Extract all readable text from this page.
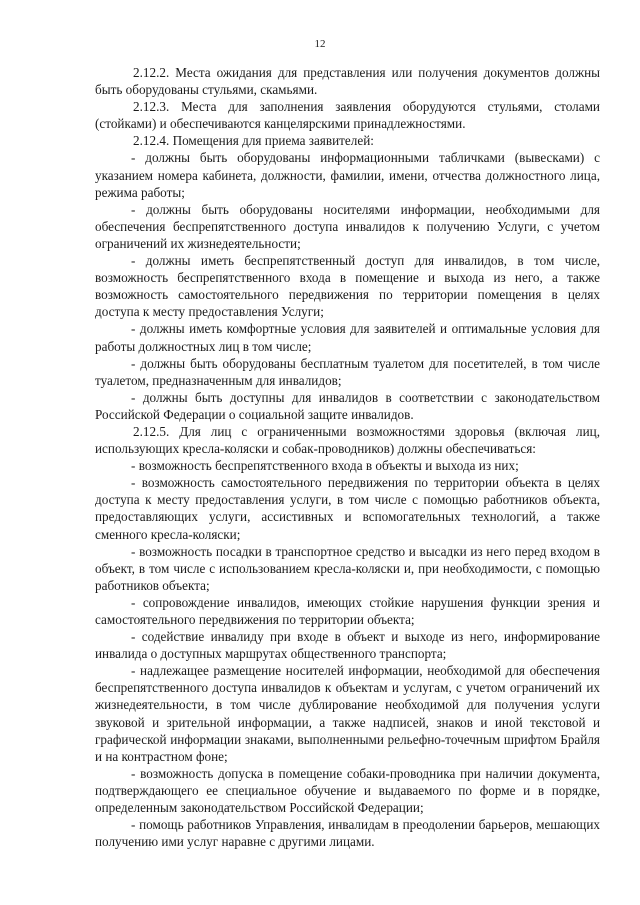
12

2.12.2. Места ожидания для представления или получения документов должны быть оборудованы стульями, скамьями.

2.12.3. Места для заполнения заявления оборудуются стульями, столами (стойками) и обеспечиваются канцелярскими принадлежностями.

2.12.4. Помещения для приема заявителей:

- должны быть оборудованы информационными табличками (вывесками) с указанием номера кабинета, должности, фамилии, имени, отчества должностного лица, режима работы;

- должны быть оборудованы носителями информации, необходимыми для обеспечения беспрепятственного доступа инвалидов к получению Услуги, с учетом ограничений их жизнедеятельности;

- должны иметь беспрепятственный доступ для инвалидов, в том числе, возможность беспрепятственного входа в помещение и выхода из него, а также возможность самостоятельного передвижения по территории помещения в целях доступа к месту предоставления Услуги;

- должны иметь комфортные условия для заявителей и оптимальные условия для работы должностных лиц в том числе;

- должны быть оборудованы бесплатным туалетом для посетителей, в том числе туалетом, предназначенным для инвалидов;

- должны быть доступны для инвалидов в соответствии с законодательством Российской Федерации о социальной защите инвалидов.

2.12.5. Для лиц с ограниченными возможностями здоровья (включая лиц, использующих кресла-коляски и собак-проводников) должны обеспечиваться:

- возможность беспрепятственного входа в объекты и выхода из них;

- возможность самостоятельного передвижения по территории объекта в целях доступа к месту предоставления услуги, в том числе с помощью работников объекта, предоставляющих услуги, ассистивных и вспомогательных технологий, а также сменного кресла-коляски;

- возможность посадки в транспортное средство и высадки из него перед входом в объект, в том числе с использованием кресла-коляски и, при необходимости, с помощью работников объекта;

- сопровождение инвалидов, имеющих стойкие нарушения функции зрения и самостоятельного передвижения по территории объекта;

- содействие инвалиду при входе в объект и выходе из него, информирование инвалида о доступных маршрутах общественного транспорта;

- надлежащее размещение носителей информации, необходимой для обеспечения беспрепятственного доступа инвалидов к объектам и услугам, с учетом ограничений их жизнедеятельности, в том числе дублирование необходимой для получения услуги звуковой и зрительной информации, а также надписей, знаков и иной текстовой и графической информации знаками, выполненными рельефно-точечным шрифтом Брайля и на контрастном фоне;

- возможность допуска в помещение собаки-проводника при наличии документа, подтверждающего ее специальное обучение и выдаваемого по форме и в порядке, определенным законодательством Российской Федерации;

- помощь работников Управления, инвалидам в преодолении барьеров, мешающих получению ими услуг наравне с другими лицами.
